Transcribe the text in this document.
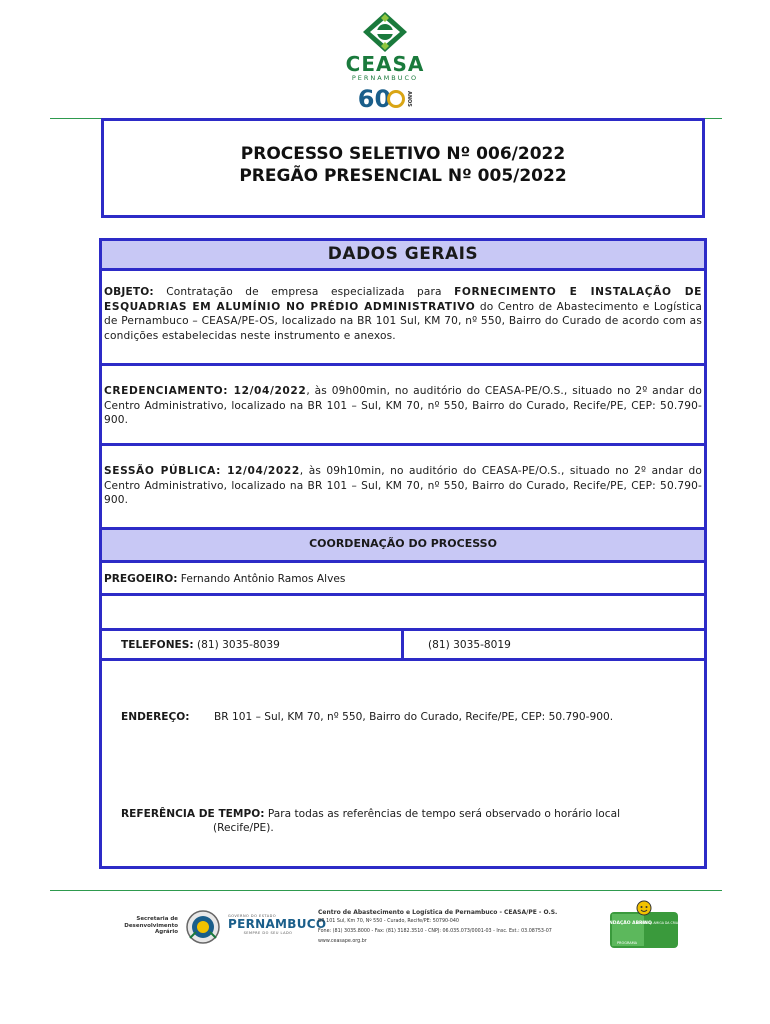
CEASA
PERNAMBUCO
60	ANOS
PROCESSO SELETIVO Nº 006/2022
PREGÃO PRESENCIAL Nº 005/2022
DADOS GERAIS

OBJETO: Contratação de empresa especializada para FORNECIMENTO E INSTALAÇÃO DE ESQUADRIAS EM ALUMÍNIO NO PRÉDIO ADMINISTRATIVO do Centro de Abastecimento e Logística de Pernambuco – CEASA/PE-OS, localizado na BR 101 Sul, KM 70, nº 550, Bairro do Curado de acordo com as condições estabelecidas neste instrumento e anexos.

CREDENCIAMENTO: 12/04/2022, às 09h00min, no auditório do CEASA-PE/O.S., situado no 2º andar do Centro Administrativo, localizado na BR 101 – Sul, KM 70, nº 550, Bairro do Curado, Recife/PE, CEP: 50.790-900.

SESSÃO PÚBLICA: 12/04/2022, às 09h10min, no auditório do CEASA-PE/O.S., situado no 2º andar do Centro Administrativo, localizado na BR 101 – Sul, KM 70, nº 550, Bairro do Curado, Recife/PE, CEP: 50.790-900.

COORDENAÇÃO DO PROCESSO

PREGOEIRO: Fernando Antônio Ramos Alves

TELEFONES: (81) 3035-8039	(81) 3035-8019

ENDEREÇO:	BR 101 – Sul, KM 70, nº 550, Bairro do Curado, Recife/PE, CEP: 50.790-900.

REFERÊNCIA DE TEMPO: Para todas as referências de tempo será observado o horário local

(Recife/PE).

Secretaria de
Desenvolvimento
Agrário
GOVERNO DO ESTADO
PERNAMBUCO
SEMPRE DO SEU LADO
Centro de Abastecimento e Logística de Pernambuco - CEASA/PE - O.S.
BR 101 Sul, Km 70, Nº 550 - Curado, Recife/PE: 50790-040
Fone: (81) 3035.8000 - Fax: (81) 3182.3510 - CNPJ: 06.035.073/0001-03 - Insc. Est.: 03.08753-07
www.ceasape.org.br
NDAÇÃO ABRINQ
EMPRESA AMIGA DA CRIAN
PROGRAMA
